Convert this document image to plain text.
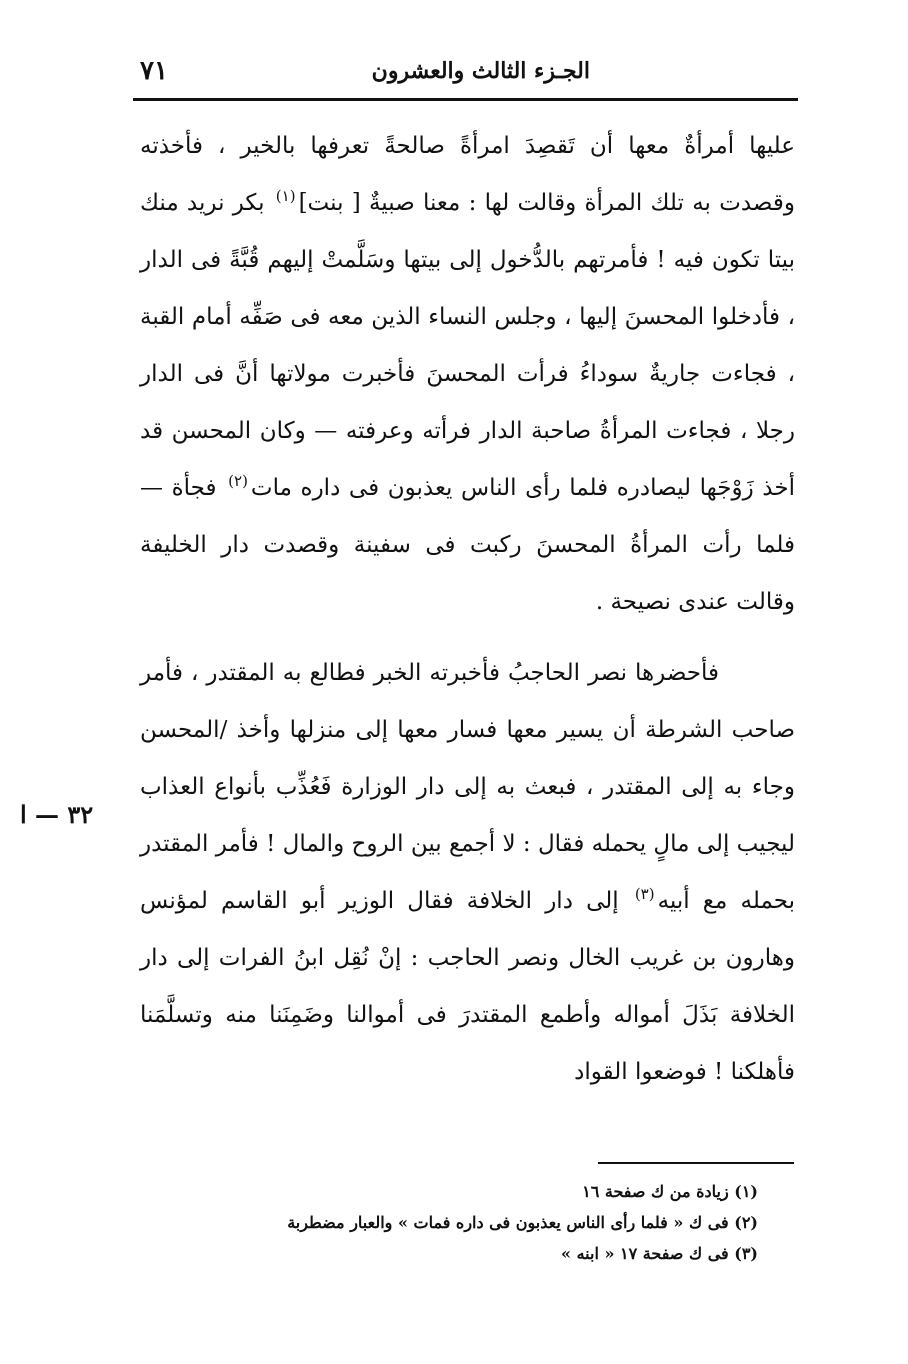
الجـزء الثالث والعشرون
٧١

عليها أمرأةٌ معها أن تَقصِدَ امرأةً صالحةً تعرفها بالخير ، فأخذته وقصدت به تلك المرأة وقالت لها : معنا صبيةٌ [ بنت]$^{(١)}$ بكر نريد منك بيتا تكون فيه ! فأمرتهم بالدُّخول إلى بيتها وسَلَّمتْ إليهم قُبَّةً فى الدار ، فأدخلوا المحسنَ إليها ، وجلس النساء الذين معه فى صَفِّه أمام القبة ، فجاءت جاريةٌ سوداءُ فرأت المحسنَ فأخبرت مولاتها أنَّ فى الدار رجلا ، فجاءت المرأةُ صاحبة الدار فرأته وعرفته — وكان المحسن قد أخذ زَوْجَها ليصادره فلما رأى الناس يعذبون فى داره مات$^{(٢)}$ فجأة — فلما رأت المرأةُ المحسنَ ركبت فى سفينة وقصدت دار الخليفة وقالت عندى نصيحة .

فأحضرها نصر الحاجبُ فأخبرته الخبر فطالع به المقتدر ، فأمر صاحب الشرطة أن يسير معها فسار معها إلى منزلها وأخذ /المحسن وجاء به إلى المقتدر ، فبعث به إلى دار الوزارة فَعُذِّب بأنواع العذاب ليجيب إلى مالٍ يحمله فقال : لا أجمع بين الروح والمال ! فأمر المقتدر بحمله مع أبيه$^{(٣)}$ إلى دار الخلافة فقال الوزير أبو القاسم لمؤنس وهارون بن غريب الخال ونصر الحاجب : إنْ نُقِل ابنُ الفرات إلى دار الخلافة بَذَلَ أمواله وأطمع المقتدرَ فى أموالنا وضَمِنَنا منه وتسلَّمَنا فأهلكنا ! فوضعوا القواد

٣٢ — ا
(١) زيادة من ك صفحة ١٦
(٢) فى ك « فلما رأى الناس يعذبون فى داره فمات » والعبار مضطربة
(٣) فى ك صفحة ١٧ « ابنه »
